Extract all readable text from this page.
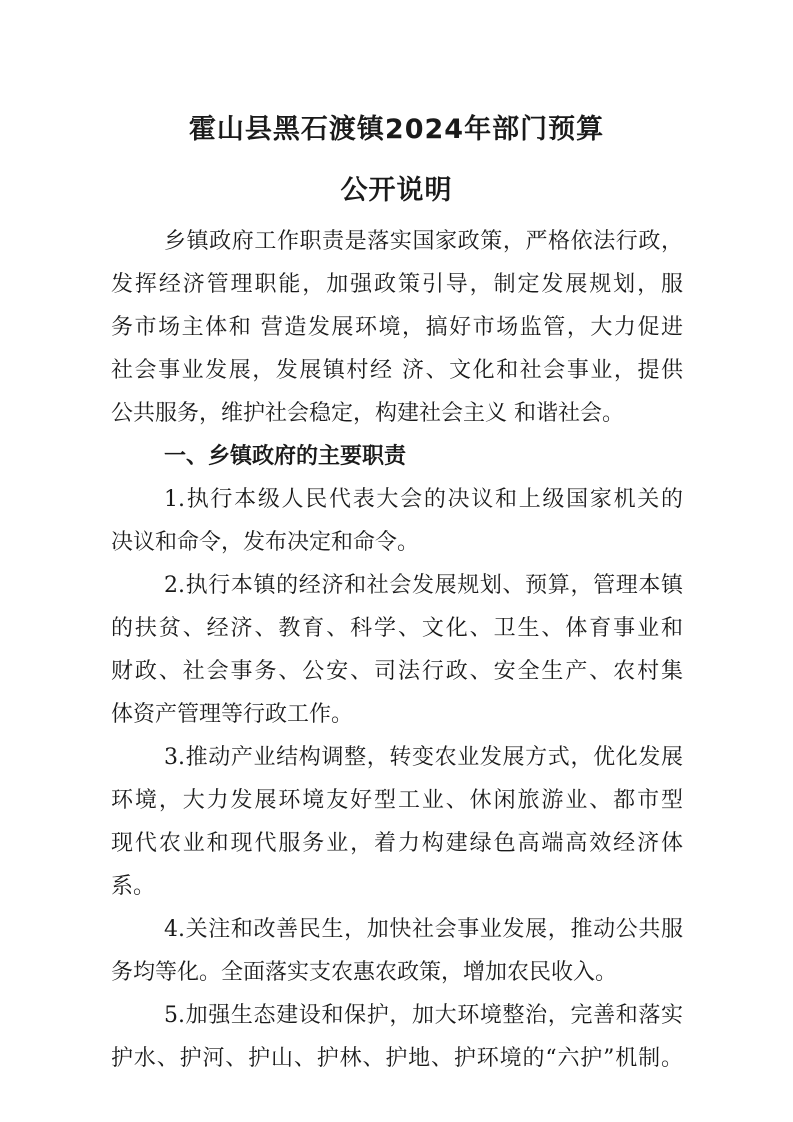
霍山县黑石渡镇2024年部门预算
公开说明
乡镇政府工作职责是落实国家政策，严格依法行政，
发挥经济管理职能，加强政策引导，制定发展规划，服
务市场主体和 营造发展环境，搞好市场监管，大力促进
社会事业发展，发展镇村经 济、文化和社会事业，提供
公共服务，维护社会稳定，构建社会主义 和谐社会。
一、乡镇政府的主要职责
1.执行本级人民代表大会的决议和上级国家机关的
决议和命令，发布决定和命令。
2.执行本镇的经济和社会发展规划、预算，管理本镇
的扶贫、经济、教育、科学、文化、卫生、体育事业和
财政、社会事务、公安、司法行政、安全生产、农村集
体资产管理等行政工作。
3.推动产业结构调整，转变农业发展方式，优化发展
环境，大力发展环境友好型工业、休闲旅游业、都市型
现代农业和现代服务业，着力构建绿色高端高效经济体
系。
4.关注和改善民生，加快社会事业发展，推动公共服
务均等化。全面落实支农惠农政策，增加农民收入。
5.加强生态建设和保护，加大环境整治，完善和落实
护水、护河、护山、护林、护地、护环境的“六护”机制。
